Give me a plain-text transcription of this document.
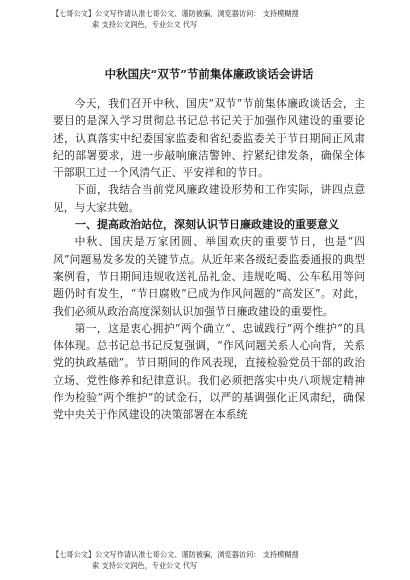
【七哥公文】公文写作请认准七哥公文、谨防被骗，浏览器访问： 支持模糊搜
索 支持公文润色，专业公文 代写
中秋国庆“双节”节前集体廉政谈话会讲话

今天，我们召开中秋、国庆“双节”节前集体廉政谈话会，主要目的是深入学习贯彻总书记总书记关于加强作风建设的重要论述，认真落实中纪委国家监委和省纪委监委关于节日期间正风肃纪的部署要求，进一步敲响廉洁警钟、拧紧纪律发条，确保全体干部职工过一个风清气正、平安祥和的节日。

下面，我结合当前党风廉政建设形势和工作实际，讲四点意见，与大家共勉。

一、提高政治站位，深刻认识节日廉政建设的重要意义

中秋、国庆是万家团圆、举国欢庆的重要节日，也是“四风”问题易发多发的关键节点。从近年来各级纪委监委通报的典型案例看，节日期间违规收送礼品礼金、违规吃喝、公车私用等问题仍时有发生，“节日腐败”已成为作风问题的“高发区”。对此，我们必须从政治高度深刻认识加强节日廉政建设的重要性。

第一，这是衷心拥护“两个确立”、忠诚践行“两个维护”的具体体现。总书记总书记反复强调，“作风问题关系人心向背，关系党的执政基础”。节日期间的作风表现，直接检验党员干部的政治立场、党性修养和纪律意识。我们必须把落实中央八项规定精神作为检验“两个维护”的试金石，以严的基调强化正风肃纪，确保党中央关于作风建设的决策部署在本系统

【七哥公文】公文写作请认准七哥公文、谨防被骗，浏览器访问： 支持模糊搜
索 支持公文润色，专业公文 代写
